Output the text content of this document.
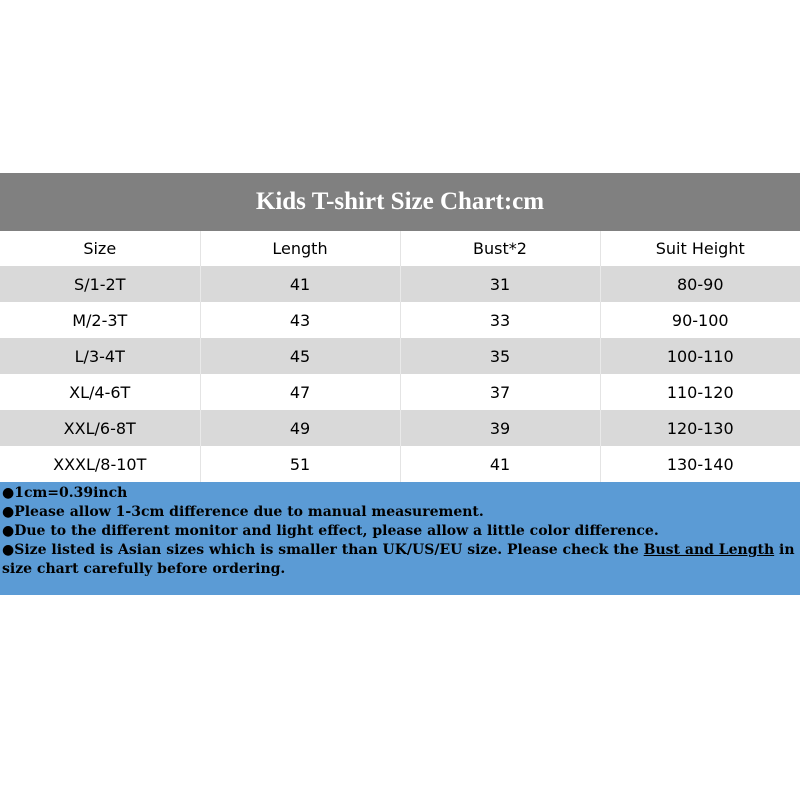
Kids T-shirt Size Chart:cm
Size	Length	Bust*2	Suit Height
S/1-2T	41	31	80-90
M/2-3T	43	33	90-100
L/3-4T	45	35	100-110
XL/4-6T	47	37	110-120
XXL/6-8T	49	39	120-130
XXXL/8-10T	51	41	130-140

●1cm=0.39inch

●Please allow 1-3cm difference due to manual measurement.

●Due to the different monitor and light effect, please allow a little color difference.

●Size listed is Asian sizes which is smaller than UK/US/EU size. Please check the Bust and Length in size chart carefully before ordering.
